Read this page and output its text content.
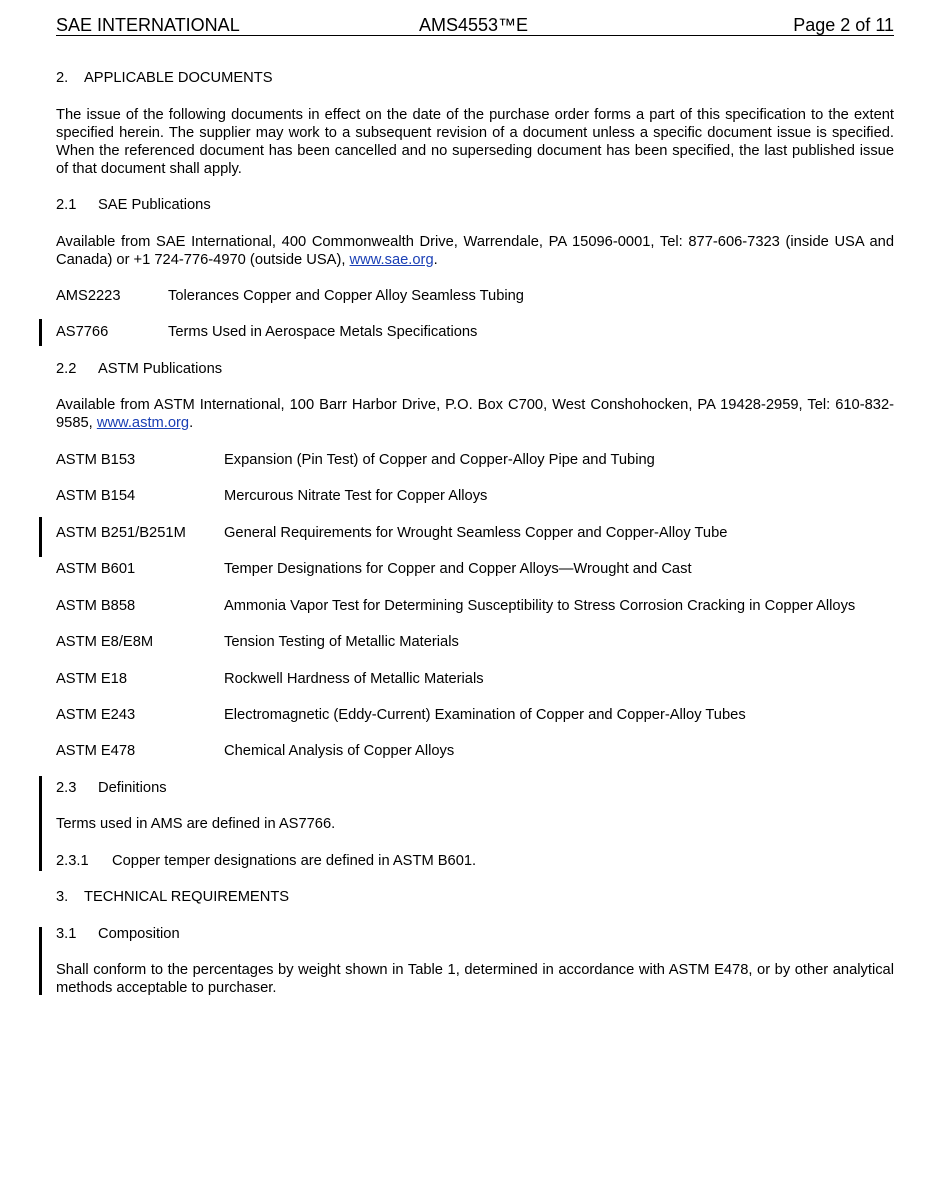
SAE INTERNATIONAL	AMS4553™E	Page 2 of 11
2. APPLICABLE DOCUMENTS
The issue of the following documents in effect on the date of the purchase order forms a part of this specification to the extent specified herein. The supplier may work to a subsequent revision of a document unless a specific document issue is specified. When the referenced document has been cancelled and no superseding document has been specified, the last published issue of that document shall apply.
2.1 SAE Publications
Available from SAE International, 400 Commonwealth Drive, Warrendale, PA 15096-0001, Tel: 877-606-7323 (inside USA and Canada) or +1 724-776-4970 (outside USA), www.sae.org.
AMS2223	Tolerances Copper and Copper Alloy Seamless Tubing
AS7766	Terms Used in Aerospace Metals Specifications
2.2 ASTM Publications
Available from ASTM International, 100 Barr Harbor Drive, P.O. Box C700, West Conshohocken, PA 19428-2959, Tel: 610-832-9585, www.astm.org.
ASTM B153	Expansion (Pin Test) of Copper and Copper-Alloy Pipe and Tubing
ASTM B154	Mercurous Nitrate Test for Copper Alloys
ASTM B251/B251M	General Requirements for Wrought Seamless Copper and Copper-Alloy Tube
ASTM B601	Temper Designations for Copper and Copper Alloys—Wrought and Cast
ASTM B858	Ammonia Vapor Test for Determining Susceptibility to Stress Corrosion Cracking in Copper Alloys
ASTM E8/E8M	Tension Testing of Metallic Materials
ASTM E18	Rockwell Hardness of Metallic Materials
ASTM E243	Electromagnetic (Eddy-Current) Examination of Copper and Copper-Alloy Tubes
ASTM E478	Chemical Analysis of Copper Alloys
2.3 Definitions
Terms used in AMS are defined in AS7766.
2.3.1 Copper temper designations are defined in ASTM B601.
3. TECHNICAL REQUIREMENTS
3.1 Composition
Shall conform to the percentages by weight shown in Table 1, determined in accordance with ASTM E478, or by other analytical methods acceptable to purchaser.
